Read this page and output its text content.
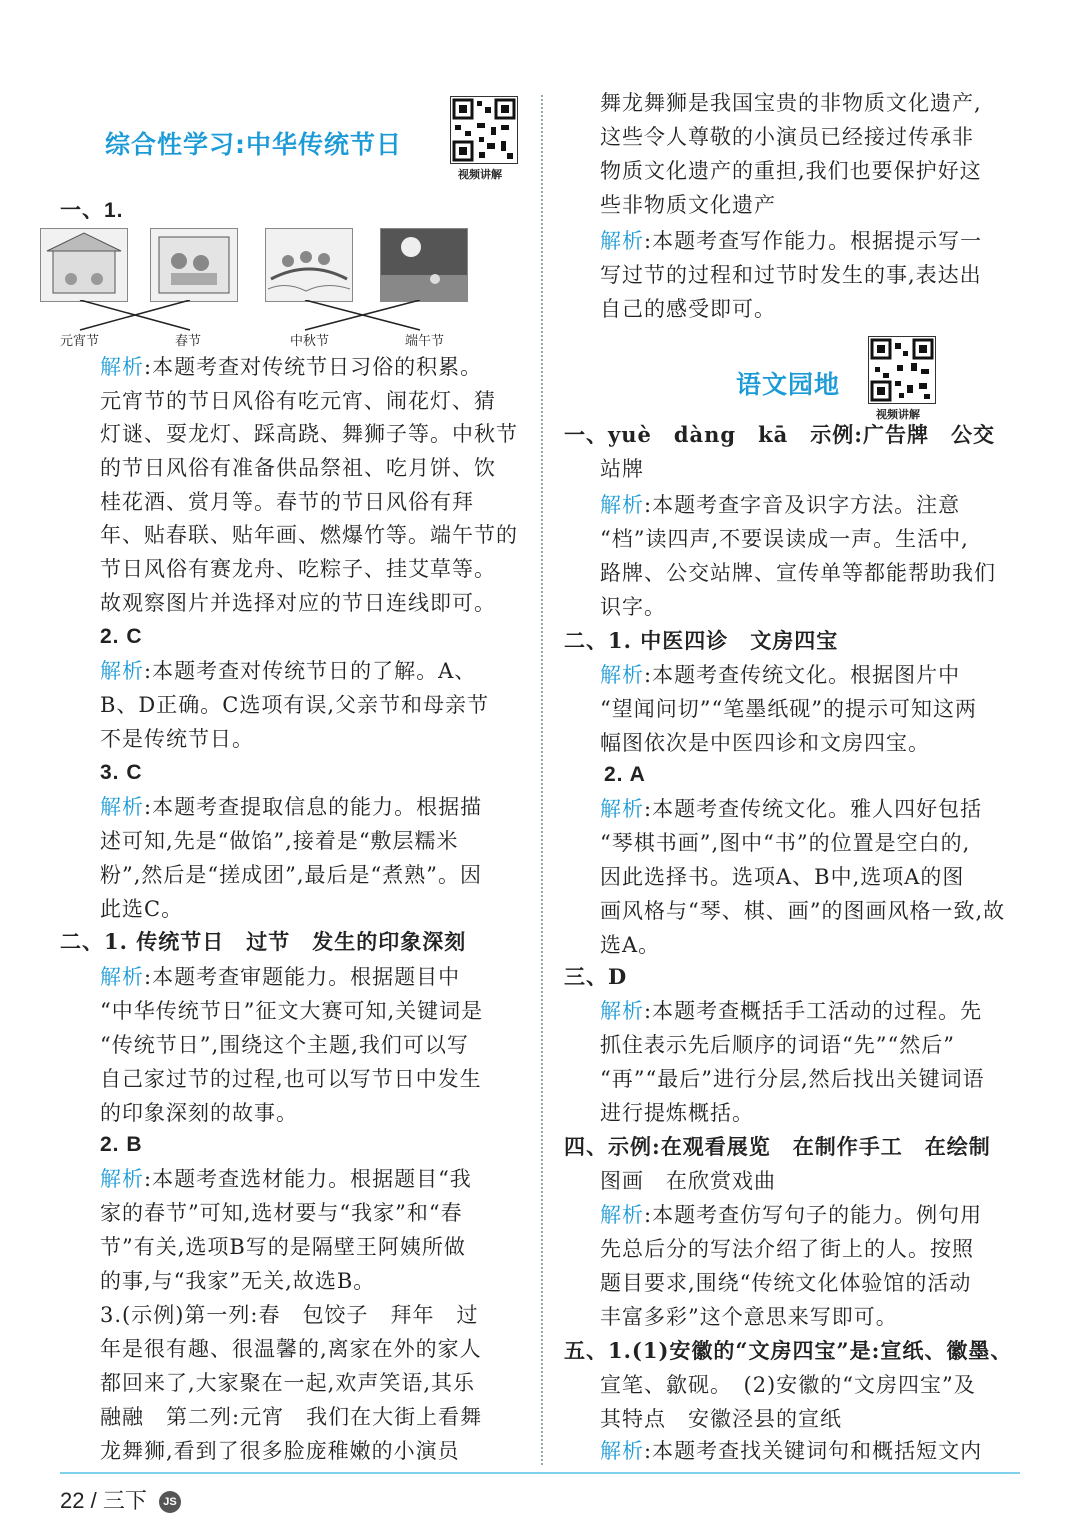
综合性学习:中华传统节日
视频讲解
元宵节	春节	中秋节	端午节
一、1.
解析:本题考查对传统节日习俗的积累。
元宵节的节日风俗有吃元宵、闹花灯、猜
灯谜、耍龙灯、踩高跷、舞狮子等。中秋节
的节日风俗有准备供品祭祖、吃月饼、饮
桂花酒、赏月等。春节的节日风俗有拜
年、贴春联、贴年画、燃爆竹等。端午节的
节日风俗有赛龙舟、吃粽子、挂艾草等。
故观察图片并选择对应的节日连线即可。
2. C
解析:本题考查对传统节日的了解。A、
B、D正确。C选项有误,父亲节和母亲节
不是传统节日。
3. C
解析:本题考查提取信息的能力。根据描
述可知,先是“做馅”,接着是“敷层糯米
粉”,然后是“搓成团”,最后是“煮熟”。因
此选C。
二、1. 传统节日　过节　发生的印象深刻
解析:本题考查审题能力。根据题目中
“中华传统节日”征文大赛可知,关键词是
“传统节日”,围绕这个主题,我们可以写
自己家过节的过程,也可以写节日中发生
的印象深刻的故事。
2. B
解析:本题考查选材能力。根据题目“我
家的春节”可知,选材要与“我家”和“春
节”有关,选项B写的是隔壁王阿姨所做
的事,与“我家”无关,故选B。
3.(示例)第一列:春　包饺子　拜年　过
年是很有趣、很温馨的,离家在外的家人
都回来了,大家聚在一起,欢声笑语,其乐
融融　第二列:元宵　我们在大街上看舞
龙舞狮,看到了很多脸庞稚嫩的小演员
语文园地
视频讲解
舞龙舞狮是我国宝贵的非物质文化遗产,
这些令人尊敬的小演员已经接过传承非
物质文化遗产的重担,我们也要保护好这
些非物质文化遗产
解析:本题考查写作能力。根据提示写一
写过节的过程和过节时发生的事,表达出
自己的感受即可。
一、yuè　dàng　kā　示例:广告牌　公交
站牌
解析:本题考查字音及识字方法。注意
“档”读四声,不要误读成一声。生活中,
路牌、公交站牌、宣传单等都能帮助我们
识字。
二、1. 中医四诊　文房四宝
解析:本题考查传统文化。根据图片中
“望闻问切”“笔墨纸砚”的提示可知这两
幅图依次是中医四诊和文房四宝。
2. A
解析:本题考查传统文化。雅人四好包括
“琴棋书画”,图中“书”的位置是空白的,
因此选择书。选项A、B中,选项A的图
画风格与“琴、棋、画”的图画风格一致,故
选A。
三、D
解析:本题考查概括手工活动的过程。先
抓住表示先后顺序的词语“先”“然后”
“再”“最后”进行分层,然后找出关键词语
进行提炼概括。
四、示例:在观看展览　在制作手工　在绘制
图画　在欣赏戏曲
解析:本题考查仿写句子的能力。例句用
先总后分的写法介绍了街上的人。按照
题目要求,围绕“传统文化体验馆的活动
丰富多彩”这个意思来写即可。
五、1.(1)安徽的“文房四宝”是:宣纸、徽墨、
宣笔、歙砚。　(2)安徽的“文房四宝”及
其特点　安徽泾县的宣纸
解析:本题考查找关键词句和概括短文内
22 / 三下 JS
